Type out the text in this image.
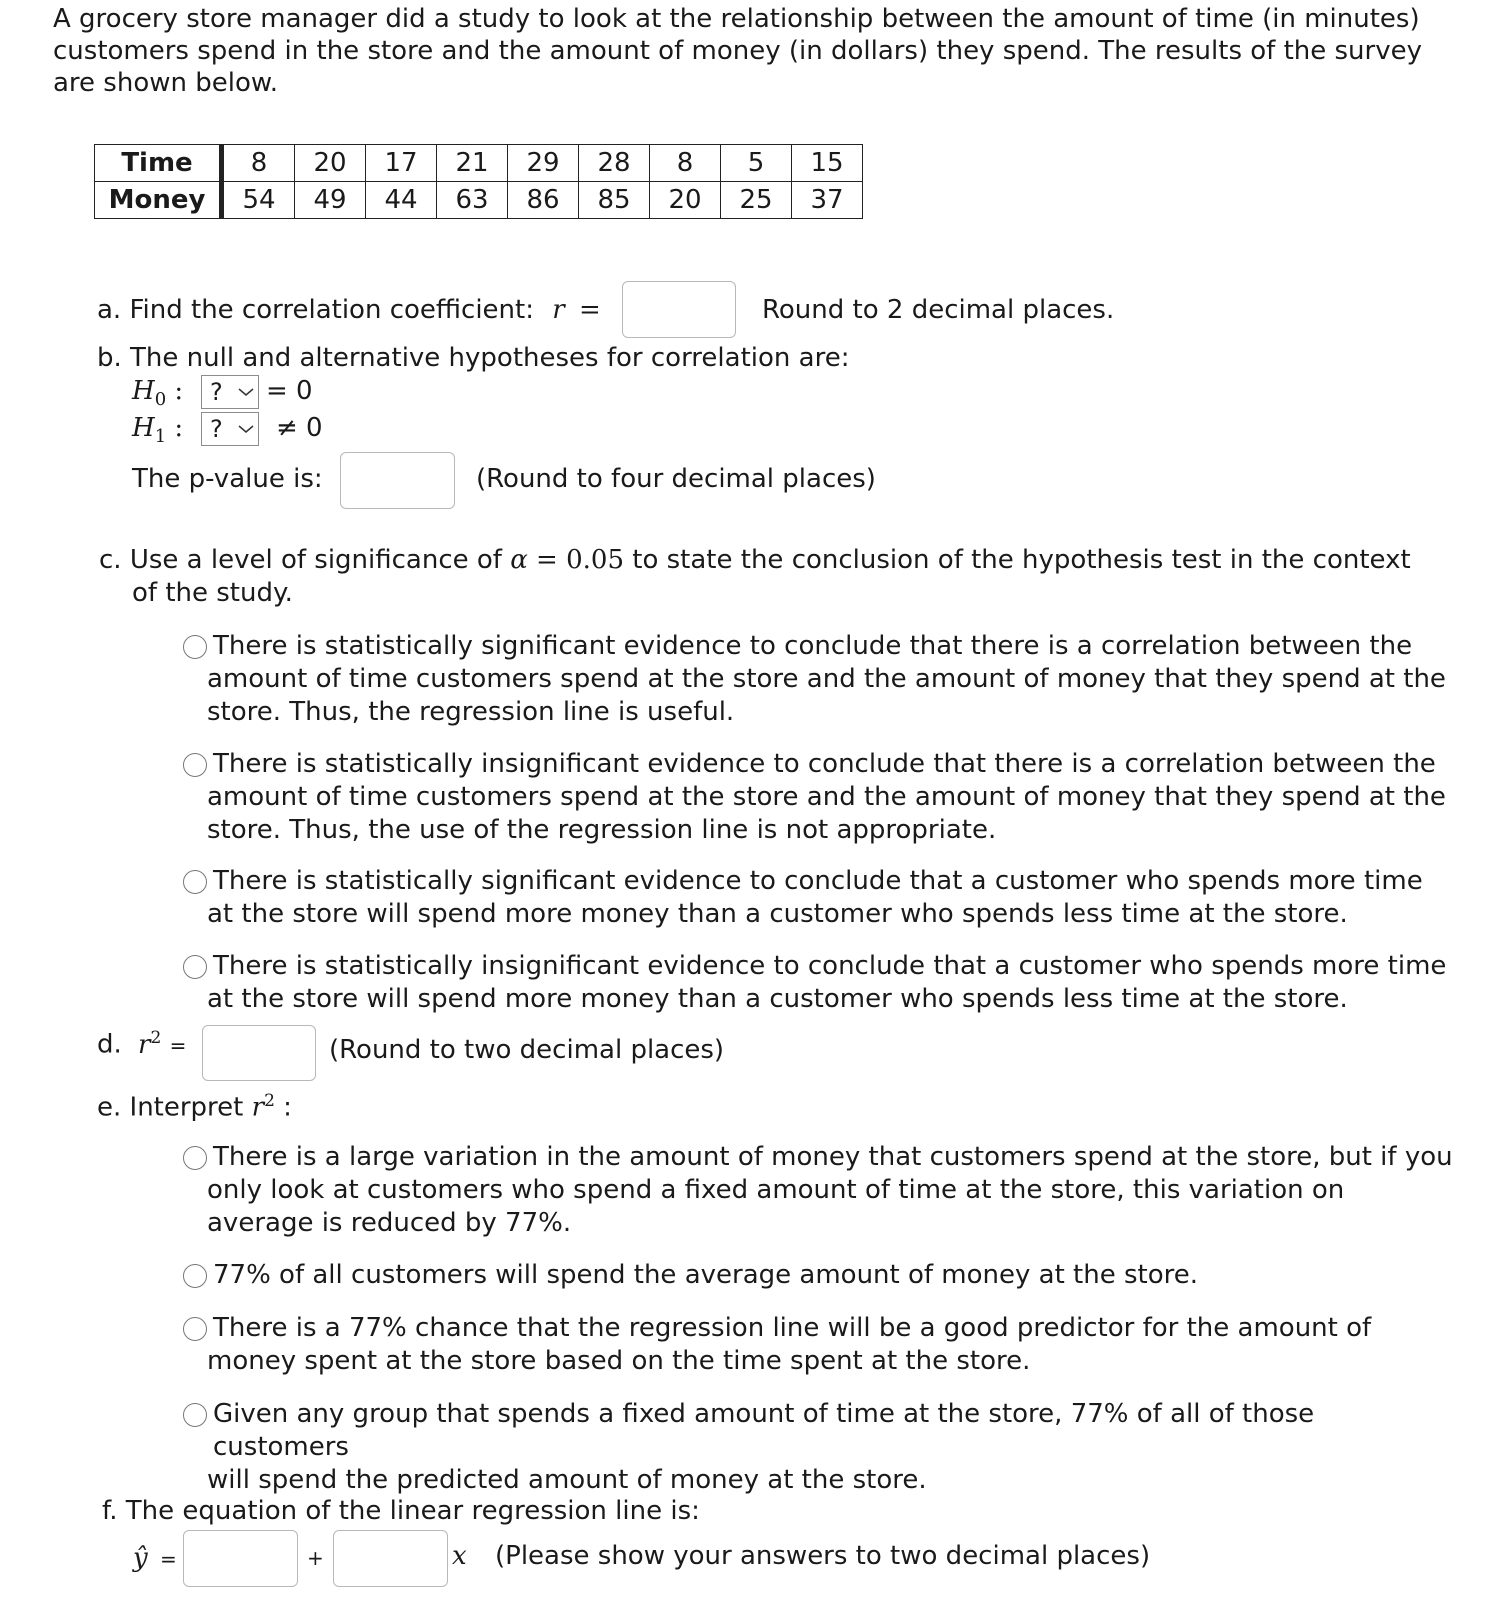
A grocery store manager did a study to look at the relationship between the amount of time (in minutes)
customers spend in the store and the amount of money (in dollars) they spend. The results of the survey
are shown below.
Time	8	20	17	21	29	28	8	5	15
Money	54	49	44	63	86	85	20	25	37
a. Find the correlation coefficient: r =	Round to 2 decimal places.
b. The null and alternative hypotheses for correlation are:
$H_0$ : ? = 0
$H_1$ : ? ≠ 0
The p-value is:	(Round to four decimal places)
c. Use a level of significance of α = 0.05 to state the conclusion of the hypothesis test in the context
of the study.
There is statistically significant evidence to conclude that there is a correlation between the
amount of time customers spend at the store and the amount of money that they spend at the
store. Thus, the regression line is useful.
There is statistically insignificant evidence to conclude that there is a correlation between the
amount of time customers spend at the store and the amount of money that they spend at the
store. Thus, the use of the regression line is not appropriate.
There is statistically significant evidence to conclude that a customer who spends more time
at the store will spend more money than a customer who spends less time at the store.
There is statistically insignificant evidence to conclude that a customer who spends more time
at the store will spend more money than a customer who spends less time at the store.
d. $r^2$ =	(Round to two decimal places)
e. Interpret $r^2$ :
There is a large variation in the amount of money that customers spend at the store, but if you
only look at customers who spend a fixed amount of time at the store, this variation on
average is reduced by 77%.
77% of all customers will spend the average amount of money at the store.
There is a 77% chance that the regression line will be a good predictor for the amount of
money spent at the store based on the time spent at the store.
Given any group that spends a fixed amount of time at the store, 77% of all of those customers
will spend the predicted amount of money at the store.
f. The equation of the linear regression line is:
ŷ =	+	x (Please show your answers to two decimal places)
